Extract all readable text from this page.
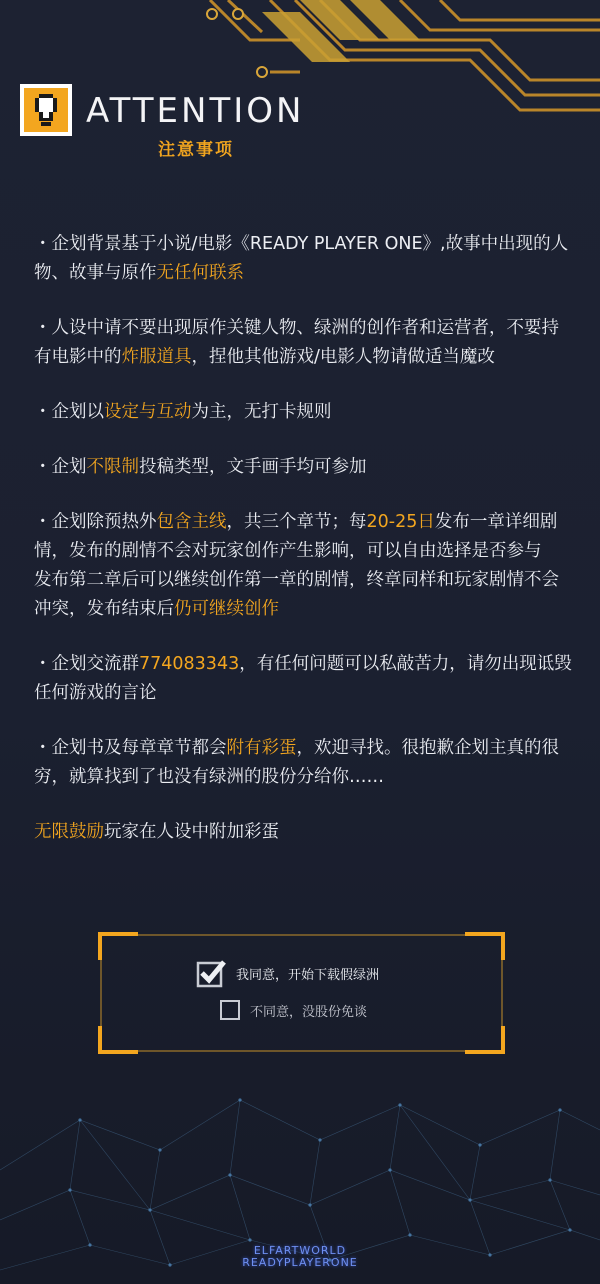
ATTENTION
注意事项

・企划背景基于小说/电影《READY PLAYER ONE》,故事中出现的人物、故事与原作无任何联系

・人设中请不要出现原作关键人物、绿洲的创作者和运营者，不要持有电影中的炸服道具，捏他其他游戏/电影人物请做适当魔改

・企划以设定与互动为主，无打卡规则

・企划不限制投稿类型，文手画手均可参加

・企划除预热外包含主线，共三个章节；每20-25日发布一章详细剧情，发布的剧情不会对玩家创作产生影响，可以自由选择是否参与
发布第二章后可以继续创作第一章的剧情，终章同样和玩家剧情不会冲突，发布结束后仍可继续创作

・企划交流群774083343，有任何问题可以私敲苦力，请勿出现诋毁任何游戏的言论

・企划书及每章章节都会附有彩蛋，欢迎寻找。很抱歉企划主真的很穷，就算找到了也没有绿洲的股份分给你……

无限鼓励玩家在人设中附加彩蛋

我同意，开始下载假绿洲
不同意，没股份免谈
ELFARTWORLD
READYPLAYERONE
